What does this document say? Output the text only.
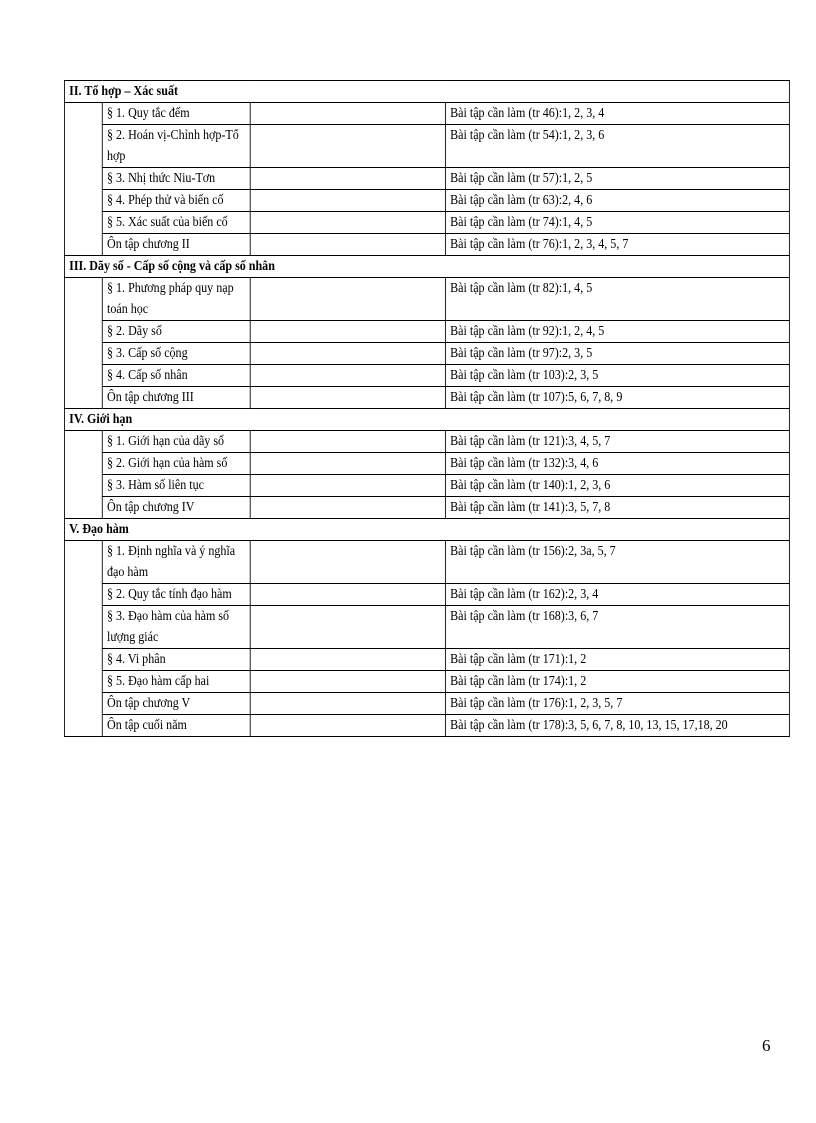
II. Tổ hợp – Xác suất			
	§ 1. Quy tắc đếm		Bài tập cần làm (tr 46):1, 2, 3, 4
	§ 2. Hoán vị-Chỉnh hợp-Tổ hợp		Bài tập cần làm (tr 54):1, 2, 3, 6
	§ 3. Nhị thức Niu-Tơn		Bài tập cần làm (tr 57):1, 2, 5
	§ 4. Phép thử và biến cố		Bài tập cần làm (tr 63):2, 4, 6
	§ 5. Xác suất của biến cố		Bài tập cần làm (tr 74):1, 4, 5
	Ôn tập chương II		Bài tập cần làm (tr 76):1, 2, 3, 4, 5, 7
III. Dãy số - Cấp số cộng và cấp số nhân			
	§ 1. Phương pháp quy nạp toán học		Bài tập cần làm (tr 82):1, 4, 5
	§ 2. Dãy số		Bài tập cần làm (tr 92):1, 2, 4, 5
	§ 3. Cấp số cộng		Bài tập cần làm (tr 97):2, 3, 5
	§ 4. Cấp số nhân		Bài tập cần làm (tr 103):2, 3, 5
	Ôn tập chương III		Bài tập cần làm (tr 107):5, 6, 7, 8, 9
IV. Giới hạn			
	§ 1. Giới hạn của dãy số		Bài tập cần làm (tr 121):3, 4, 5, 7
	§ 2. Giới hạn của hàm số		Bài tập cần làm (tr 132):3, 4, 6
	§ 3. Hàm số liên tục		Bài tập cần làm (tr 140):1, 2, 3, 6
	Ôn tập chương IV		Bài tập cần làm (tr 141):3, 5, 7, 8
V. Đạo hàm			
	§ 1. Định nghĩa và ý nghĩa đạo hàm		Bài tập cần làm (tr 156):2, 3a, 5, 7
	§ 2. Quy tắc tính đạo hàm		Bài tập cần làm (tr 162):2, 3, 4
	§ 3. Đạo hàm của hàm số lượng giác		Bài tập cần làm (tr 168):3, 6, 7
	§ 4. Vi phân		Bài tập cần làm (tr 171):1, 2
	§ 5. Đạo hàm cấp hai		Bài tập cần làm (tr 174):1, 2
	Ôn tập chương V		Bài tập cần làm (tr 176):1, 2, 3, 5, 7
	Ôn tập cuối năm		Bài tập cần làm (tr 178):3, 5, 6, 7, 8, 10, 13, 15, 17,18, 20
6
